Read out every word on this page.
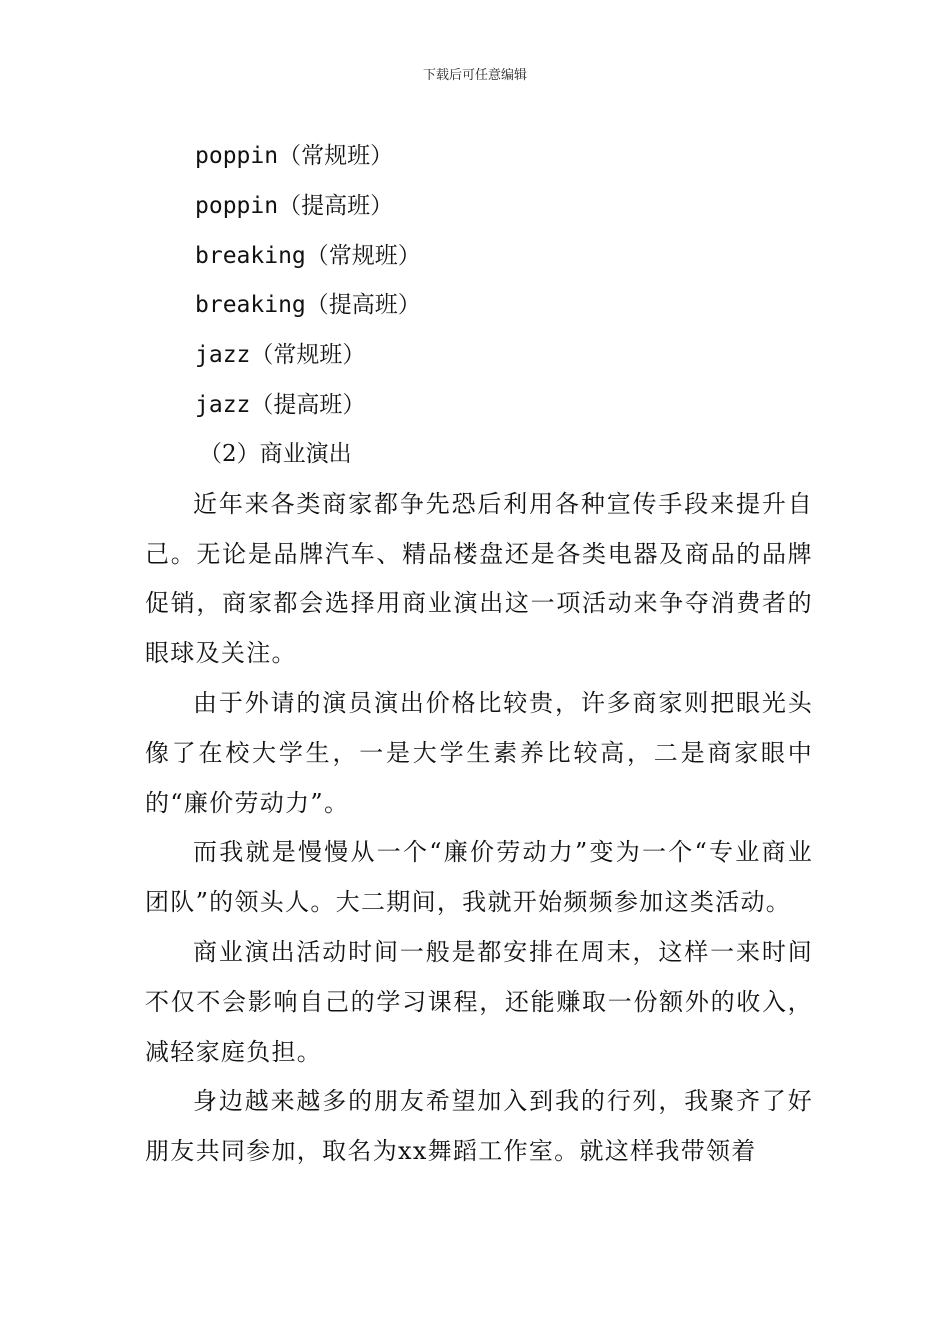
下载后可任意编辑
poppin（常规班）
poppin（提高班）
breaking（常规班）
breaking（提高班）
jazz（常规班）
jazz（提高班）
（2）商业演出

近年来各类商家都争先恐后利用各种宣传手段来提升自己。无论是品牌汽车、精品楼盘还是各类电器及商品的品牌促销，商家都会选择用商业演出这一项活动来争夺消费者的眼球及关注。

由于外请的演员演出价格比较贵，许多商家则把眼光头像了在校大学生，一是大学生素养比较高，二是商家眼中的“廉价劳动力”。

而我就是慢慢从一个“廉价劳动力”变为一个“专业商业团队”的领头人。大二期间，我就开始频频参加这类活动。

商业演出活动时间一般是都安排在周末，这样一来时间不仅不会影响自己的学习课程，还能赚取一份额外的收入，减轻家庭负担。

身边越来越多的朋友希望加入到我的行列，我聚齐了好朋友共同参加，取名为xx舞蹈工作室。就这样我带领着
